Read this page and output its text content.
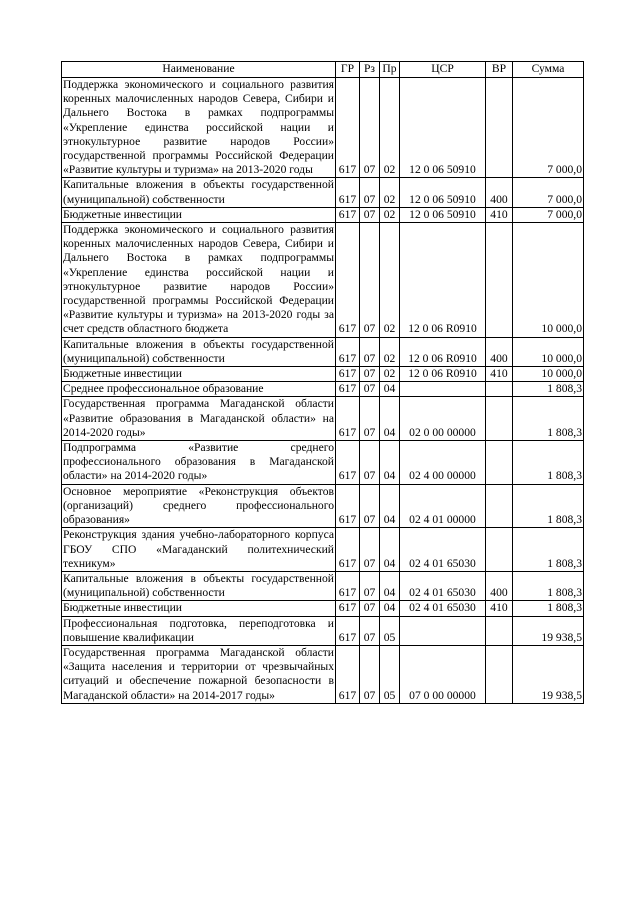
Наименование	ГР	Рз	Пр	ЦСР	ВР	Сумма
Поддержка экономического и социального развития коренных малочисленных народов Севера, Сибири и Дальнего Востока в рамках подпрограммы «Укрепление единства российской нации и этнокультурное развитие народов России» государственной программы Российской Федерации «Развитие культуры и туризма» на 2013-2020 годы	617	07	02	12 0 06 50910		7 000,0
Капитальные вложения в объекты государственной (муниципальной) собственности	617	07	02	12 0 06 50910	400	7 000,0
Бюджетные инвестиции	617	07	02	12 0 06 50910	410	7 000,0
Поддержка экономического и социального развития коренных малочисленных народов Севера, Сибири и Дальнего Востока в рамках подпрограммы «Укрепление единства российской нации и этнокультурное развитие народов России» государственной программы Российской Федерации «Развитие культуры и туризма» на 2013-2020 годы за счет средств областного бюджета	617	07	02	12 0 06 R0910		10 000,0
Капитальные вложения в объекты государственной (муниципальной) собственности	617	07	02	12 0 06 R0910	400	10 000,0
Бюджетные инвестиции	617	07	02	12 0 06 R0910	410	10 000,0
Среднее профессиональное образование	617	07	04			1 808,3
Государственная программа Магаданской области «Развитие образования в Магаданской области» на 2014-2020 годы»	617	07	04	02 0 00 00000		1 808,3
Подпрограмма «Развитие среднего профессионального образования в Магаданской области» на 2014-2020 годы»	617	07	04	02 4 00 00000		1 808,3
Основное мероприятие «Реконструкция объектов (организаций) среднего профессионального образования»	617	07	04	02 4 01 00000		1 808,3
Реконструкция здания учебно-лабораторного корпуса ГБОУ СПО «Магаданский политехнический техникум»	617	07	04	02 4 01 65030		1 808,3
Капитальные вложения в объекты государственной (муниципальной) собственности	617	07	04	02 4 01 65030	400	1 808,3
Бюджетные инвестиции	617	07	04	02 4 01 65030	410	1 808,3
Профессиональная подготовка, переподготовка и повышение квалификации	617	07	05			19 938,5
Государственная программа Магаданской области «Защита населения и территории от чрезвычайных ситуаций и обеспечение пожарной безопасности в Магаданской области» на 2014-2017 годы»	617	07	05	07 0 00 00000		19 938,5
